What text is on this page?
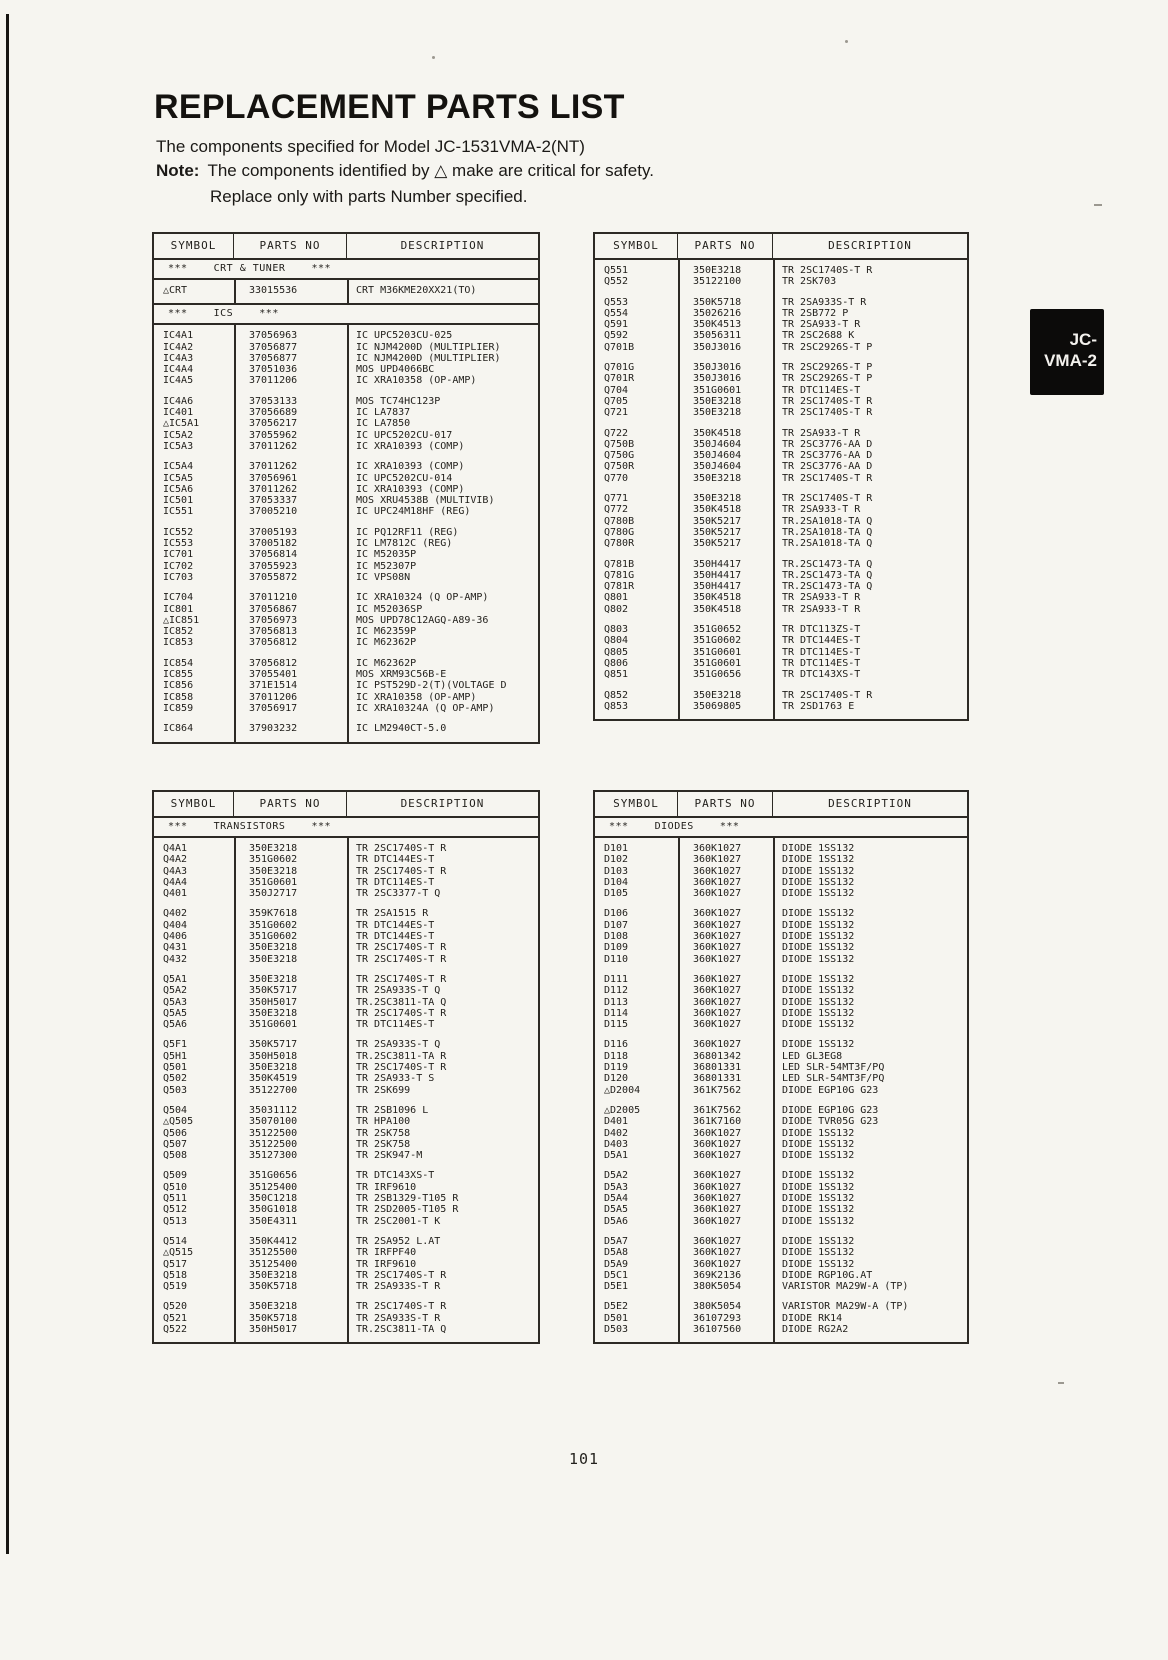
REPLACEMENT PARTS LIST
The components specified for Model JC-1531VMA-2(NT)
Note: The components identified by △ make are critical for safety.
Replace only with parts Number specified.
SYMBOL	PARTS NO	DESCRIPTION
***    CRT & TUNER    ***
△CRT	33015536	CRT M36KME20XX21(TO)
***    ICS    ***
IC4A1	37056963	IC UPC5203CU-025
IC4A2	37056877	IC NJM4200D (MULTIPLIER)
IC4A3	37056877	IC NJM4200D (MULTIPLIER)
IC4A4	37051036	MOS UPD4066BC
IC4A5	37011206	IC XRA10358 (OP-AMP)
IC4A6	37053133	MOS TC74HC123P
IC401	37056689	IC LA7837
△IC5A1	37056217	IC LA7850
IC5A2	37055962	IC UPC5202CU-017
IC5A3	37011262	IC XRA10393 (COMP)
IC5A4	37011262	IC XRA10393 (COMP)
IC5A5	37056961	IC UPC5202CU-014
IC5A6	37011262	IC XRA10393 (COMP)
IC501	37053337	MOS XRU4538B (MULTIVIB)
IC551	37005210	IC UPC24M18HF (REG)
IC552	37005193	IC PQ12RF11 (REG)
IC553	37005182	IC LM7812C (REG)
IC701	37056814	IC M52035P
IC702	37055923	IC M52307P
IC703	37055872	IC VPS08N
IC704	37011210	IC XRA10324 (Q OP-AMP)
IC801	37056867	IC M52036SP
△IC851	37056973	MOS UPD78C12AGQ-A89-36
IC852	37056813	IC M62359P
IC853	37056812	IC M62362P
IC854	37056812	IC M62362P
IC855	37055401	MOS XRM93C56B-E
IC856	371E1514	IC PST529D-2(T)(VOLTAGE D
IC858	37011206	IC XRA10358 (OP-AMP)
IC859	37056917	IC XRA10324A (Q OP-AMP)
IC864	37903232	IC LM2940CT-5.0
SYMBOL	PARTS NO	DESCRIPTION
Q551	350E3218	TR 2SC1740S-T R
Q552	35122100	TR 2SK703
Q553	350K5718	TR 2SA933S-T R
Q554	35026216	TR 2SB772 P
Q591	350K4513	TR 2SA933-T R
Q592	35056311	TR 2SC2688 K
Q701B	350J3016	TR 2SC2926S-T P
Q701G	350J3016	TR 2SC2926S-T P
Q701R	350J3016	TR 2SC2926S-T P
Q704	351G0601	TR DTC114ES-T
Q705	350E3218	TR 2SC1740S-T R
Q721	350E3218	TR 2SC1740S-T R
Q722	350K4518	TR 2SA933-T R
Q750B	350J4604	TR 2SC3776-AA D
Q750G	350J4604	TR 2SC3776-AA D
Q750R	350J4604	TR 2SC3776-AA D
Q770	350E3218	TR 2SC1740S-T R
Q771	350E3218	TR 2SC1740S-T R
Q772	350K4518	TR 2SA933-T R
Q780B	350K5217	TR.2SA1018-TA Q
Q780G	350K5217	TR.2SA1018-TA Q
Q780R	350K5217	TR.2SA1018-TA Q
Q781B	350H4417	TR.2SC1473-TA Q
Q781G	350H4417	TR.2SC1473-TA Q
Q781R	350H4417	TR.2SC1473-TA Q
Q801	350K4518	TR 2SA933-T R
Q802	350K4518	TR 2SA933-T R
Q803	351G0652	TR DTC113ZS-T
Q804	351G0602	TR DTC144ES-T
Q805	351G0601	TR DTC114ES-T
Q806	351G0601	TR DTC114ES-T
Q851	351G0656	TR DTC143XS-T
Q852	350E3218	TR 2SC1740S-T R
Q853	35069805	TR 2SD1763 E
SYMBOL	PARTS NO	DESCRIPTION
***    TRANSISTORS    ***
Q4A1	350E3218	TR 2SC1740S-T R
Q4A2	351G0602	TR DTC144ES-T
Q4A3	350E3218	TR 2SC1740S-T R
Q4A4	351G0601	TR DTC114ES-T
Q401	350J2717	TR 2SC3377-T Q
Q402	359K7618	TR 2SA1515 R
Q404	351G0602	TR DTC144ES-T
Q406	351G0602	TR DTC144ES-T
Q431	350E3218	TR 2SC1740S-T R
Q432	350E3218	TR 2SC1740S-T R
Q5A1	350E3218	TR 2SC1740S-T R
Q5A2	350K5717	TR 2SA933S-T Q
Q5A3	350H5017	TR.2SC3811-TA Q
Q5A5	350E3218	TR 2SC1740S-T R
Q5A6	351G0601	TR DTC114ES-T
Q5F1	350K5717	TR 2SA933S-T Q
Q5H1	350H5018	TR.2SC3811-TA R
Q501	350E3218	TR 2SC1740S-T R
Q502	350K4519	TR 2SA933-T S
Q503	35122700	TR 2SK699
Q504	35031112	TR 2SB1096 L
△Q505	35070100	TR HPA100
Q506	35122500	TR 2SK758
Q507	35122500	TR 2SK758
Q508	35127300	TR 2SK947-M
Q509	351G0656	TR DTC143XS-T
Q510	35125400	TR IRF9610
Q511	350C1218	TR 2SB1329-T105 R
Q512	350G1018	TR 2SD2005-T105 R
Q513	350E4311	TR 2SC2001-T K
Q514	350K4412	TR 2SA952 L.AT
△Q515	35125500	TR IRFPF40
Q517	35125400	TR IRF9610
Q518	350E3218	TR 2SC1740S-T R
Q519	350K5718	TR 2SA933S-T R
Q520	350E3218	TR 2SC1740S-T R
Q521	350K5718	TR 2SA933S-T R
Q522	350H5017	TR.2SC3811-TA Q
SYMBOL	PARTS NO	DESCRIPTION
***    DIODES    ***
D101	360K1027	DIODE 1SS132
D102	360K1027	DIODE 1SS132
D103	360K1027	DIODE 1SS132
D104	360K1027	DIODE 1SS132
D105	360K1027	DIODE 1SS132
D106	360K1027	DIODE 1SS132
D107	360K1027	DIODE 1SS132
D108	360K1027	DIODE 1SS132
D109	360K1027	DIODE 1SS132
D110	360K1027	DIODE 1SS132
D111	360K1027	DIODE 1SS132
D112	360K1027	DIODE 1SS132
D113	360K1027	DIODE 1SS132
D114	360K1027	DIODE 1SS132
D115	360K1027	DIODE 1SS132
D116	360K1027	DIODE 1SS132
D118	36801342	LED GL3EG8
D119	36801331	LED SLR-54MT3F/PQ
D120	36801331	LED SLR-54MT3F/PQ
△D2004	361K7562	DIODE EGP10G G23
△D2005	361K7562	DIODE EGP10G G23
D401	361K7160	DIODE TVR05G G23
D402	360K1027	DIODE 1SS132
D403	360K1027	DIODE 1SS132
D5A1	360K1027	DIODE 1SS132
D5A2	360K1027	DIODE 1SS132
D5A3	360K1027	DIODE 1SS132
D5A4	360K1027	DIODE 1SS132
D5A5	360K1027	DIODE 1SS132
D5A6	360K1027	DIODE 1SS132
D5A7	360K1027	DIODE 1SS132
D5A8	360K1027	DIODE 1SS132
D5A9	360K1027	DIODE 1SS132
D5C1	369K2136	DIODE RGP10G.AT
D5E1	380K5054	VARISTOR MA29W-A (TP)
D5E2	380K5054	VARISTOR MA29W-A (TP)
D501	36107293	DIODE RK14
D503	36107560	DIODE RG2A2
JC-
VMA-2
101
